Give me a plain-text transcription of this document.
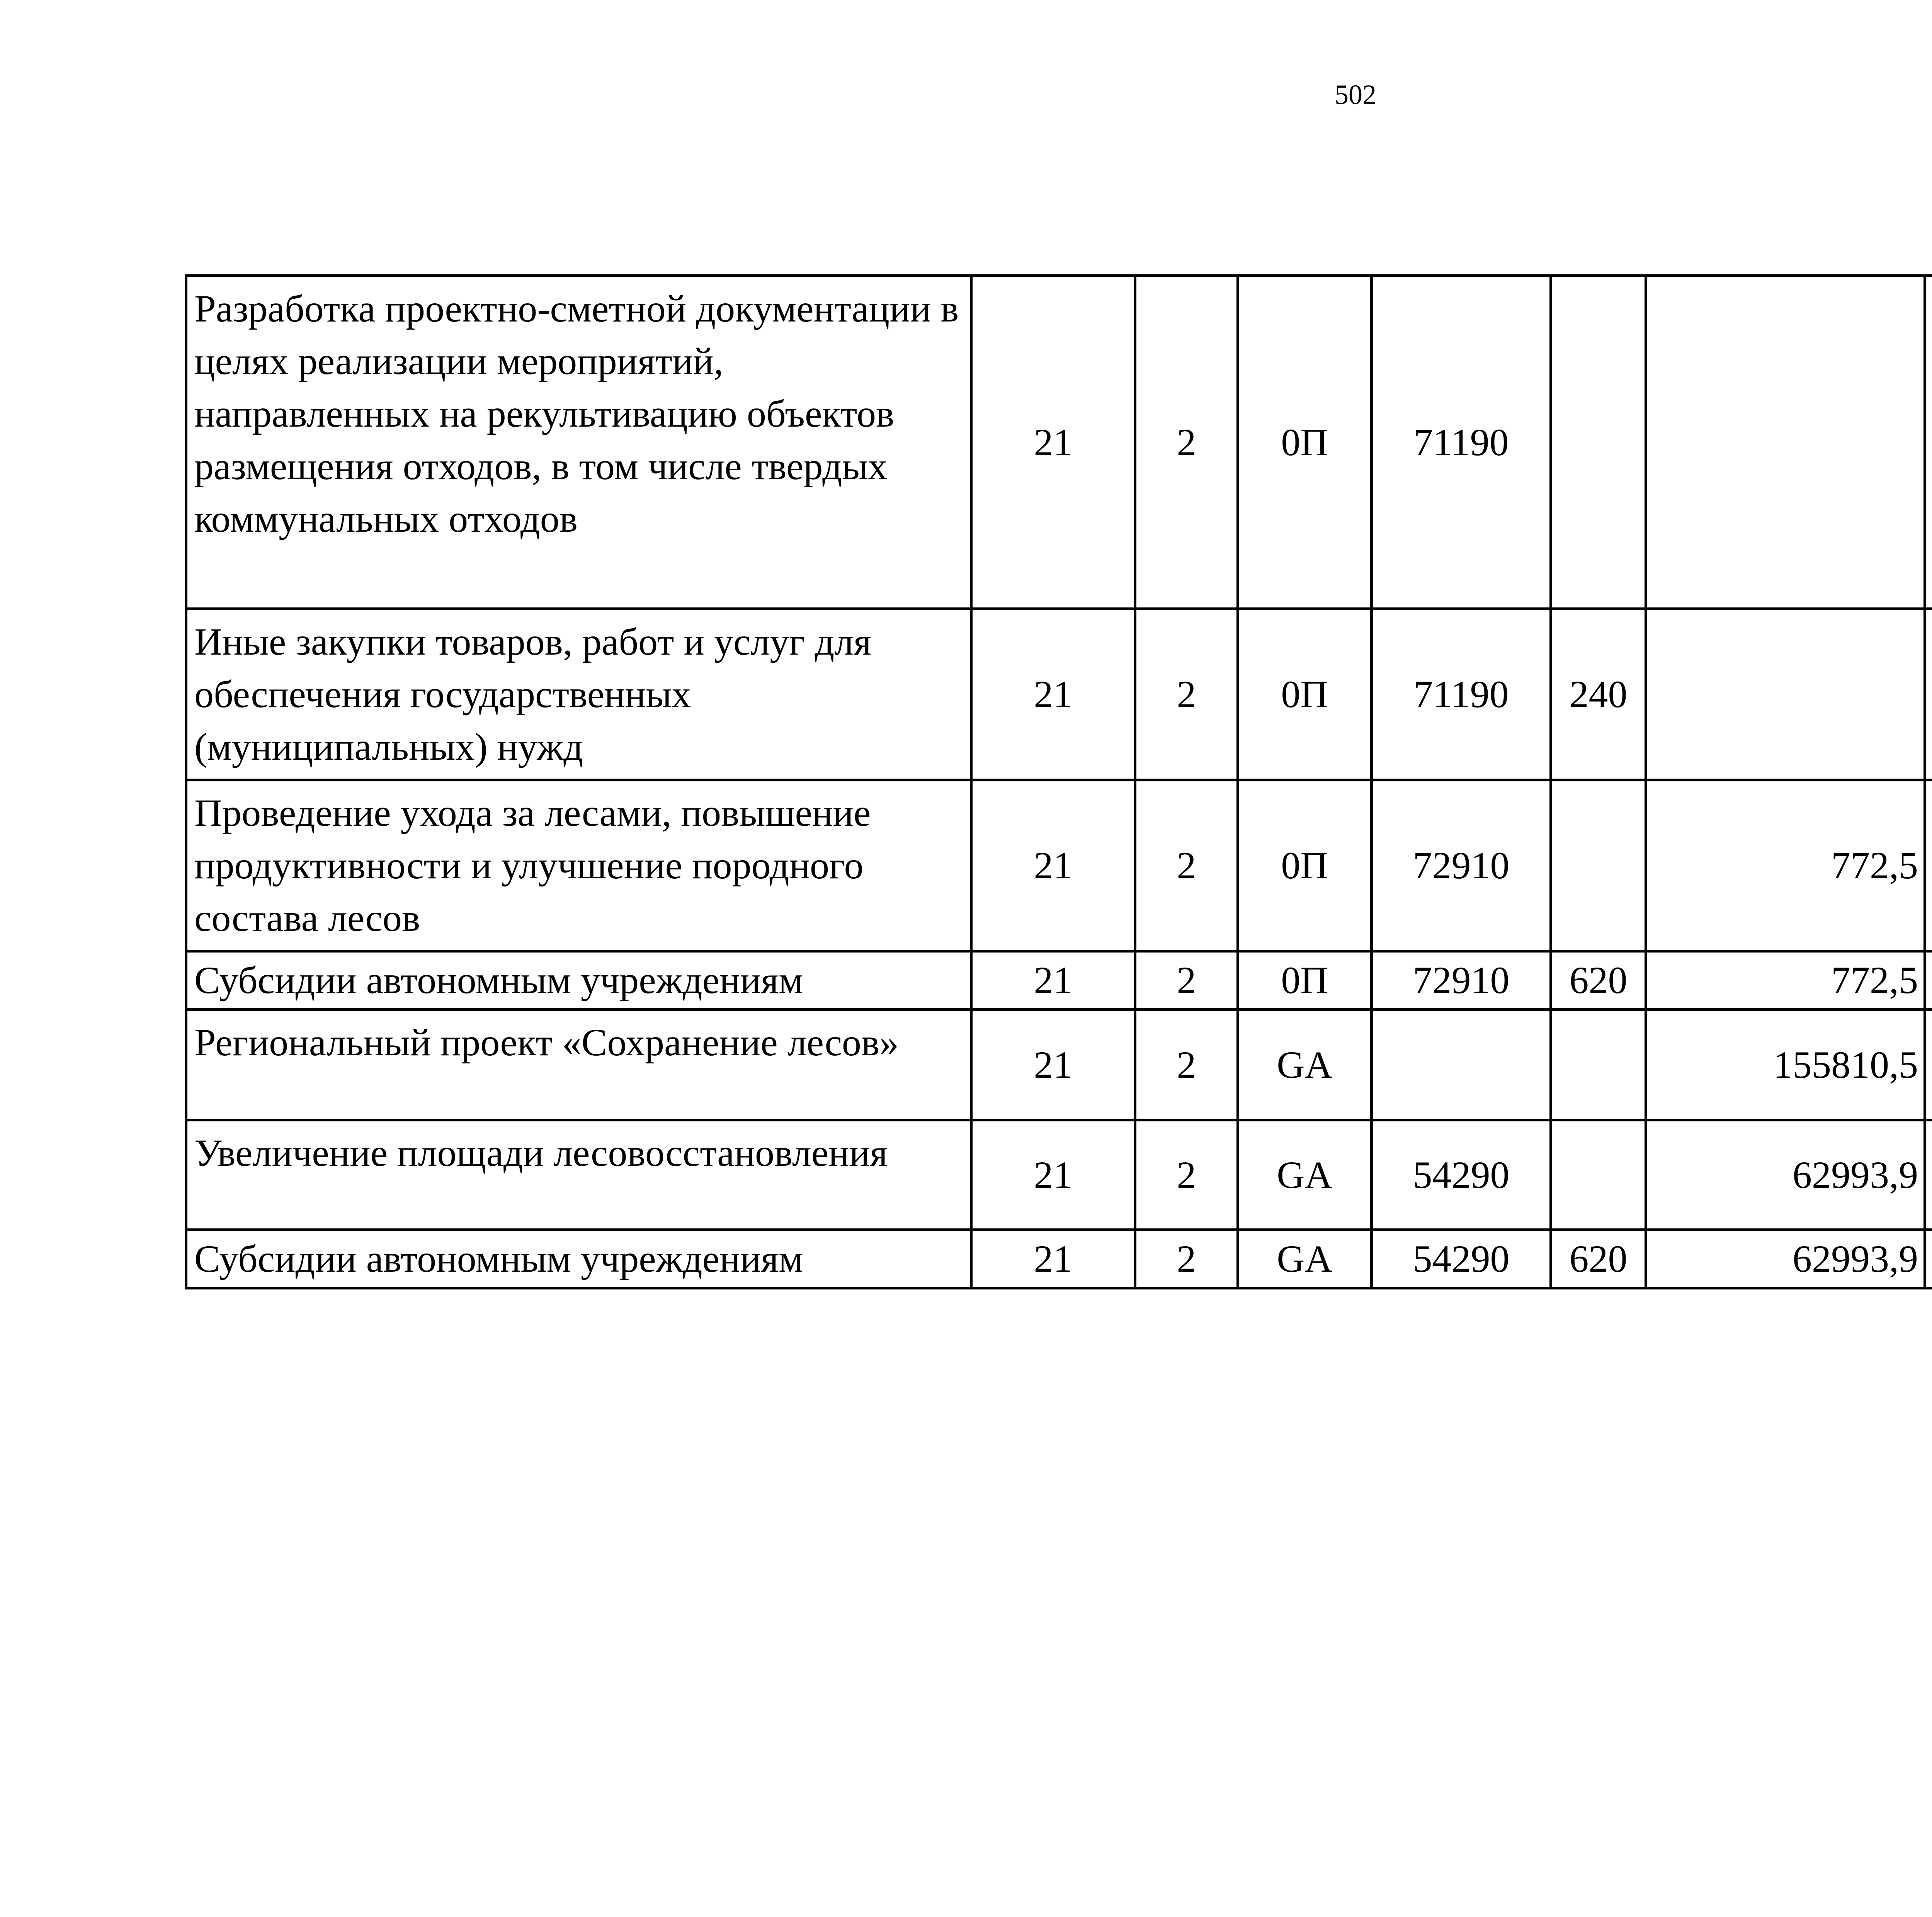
502
Разработка проектно-сметной документации в целях реализации мероприятий, направленных на рекультивацию объектов размещения отходов, в том числе твердых коммунальных отходов	21	2	0П	71190				
Иные закупки товаров, работ и услуг для обеспечения государственных (муниципальных) нужд	21	2	0П	71190	240			
Проведение ухода за лесами, повышение продуктивности и улучшение породного состава лесов	21	2	0П	72910		772,5		
Субсидии автономным учреждениям	21	2	0П	72910	620	772,5		
Региональный проект «Сохранение лесов»	21	2	GA			155810,5		
Увеличение площади лесовосстановления	21	2	GA	54290		62993,9		
Субсидии автономным учреждениям	21	2	GA	54290	620	62993,9		
